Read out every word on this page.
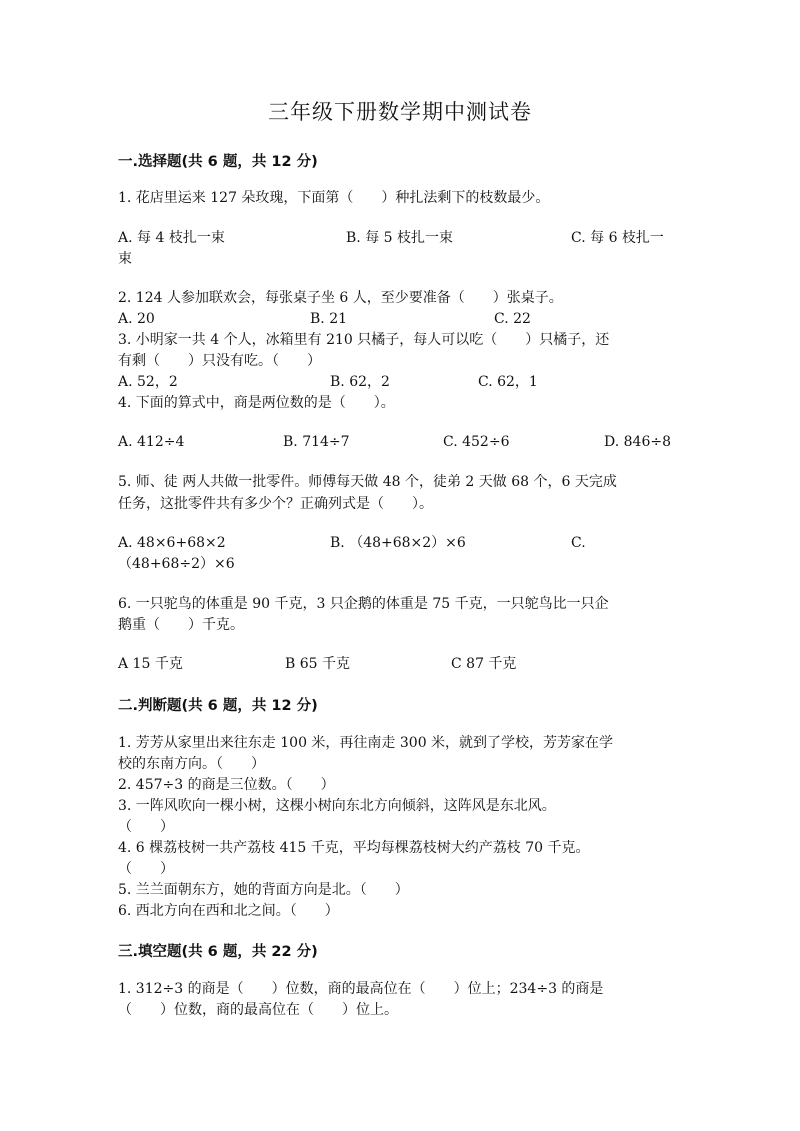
三年级下册数学期中测试卷
一.选择题(共 6 题，共 12 分)
1. 花店里运来 127 朵玫瑰，下面第（　　）种扎法剩下的枝数最少。
A. 每 4 枝扎一束	B. 每 5 枝扎一束	C. 每 6 枝扎一
束
2. 124 人参加联欢会，每张桌子坐 6 人，至少要准备（　　）张桌子。
A. 20	B. 21	C. 22
3. 小明家一共 4 个人，冰箱里有 210 只橘子，每人可以吃（　　）只橘子，还
有剩（　　）只没有吃。（　　）
A. 52，2	B. 62，2	C. 62，1
4. 下面的算式中，商是两位数的是（　　）。
A. 412÷4	B. 714÷7	C. 452÷6	D. 846÷8
5. 师、徒 两人共做一批零件。师傅每天做 48 个，徒弟 2 天做 68 个，6 天完成
任务，这批零件共有多少个？正确列式是（　　）。
A. 48×6+68×2	B. （48+68×2）×6	C.
（48+68÷2）×6
6. 一只驼鸟的体重是 90 千克，3 只企鹅的体重是 75 千克，一只鸵鸟比一只企
鹅重（　　）千克。
A 15 千克	B 65 千克	C 87 千克
二.判断题(共 6 题，共 12 分)
1. 芳芳从家里出来往东走 100 米，再往南走 300 米，就到了学校，芳芳家在学
校的东南方向。（　　）
2. 457÷3 的商是三位数。（　　）
3. 一阵风吹向一棵小树，这棵小树向东北方向倾斜，这阵风是东北风。
（　　）
4. 6 棵荔枝树一共产荔枝 415 千克，平均每棵荔枝树大约产荔枝 70 千克。
（　　）
5. 兰兰面朝东方，她的背面方向是北。（　　）
6. 西北方向在西和北之间。（　　）
三.填空题(共 6 题，共 22 分)
1. 312÷3 的商是（　　）位数，商的最高位在（　　）位上；234÷3 的商是
（　　）位数，商的最高位在（　　）位上。
